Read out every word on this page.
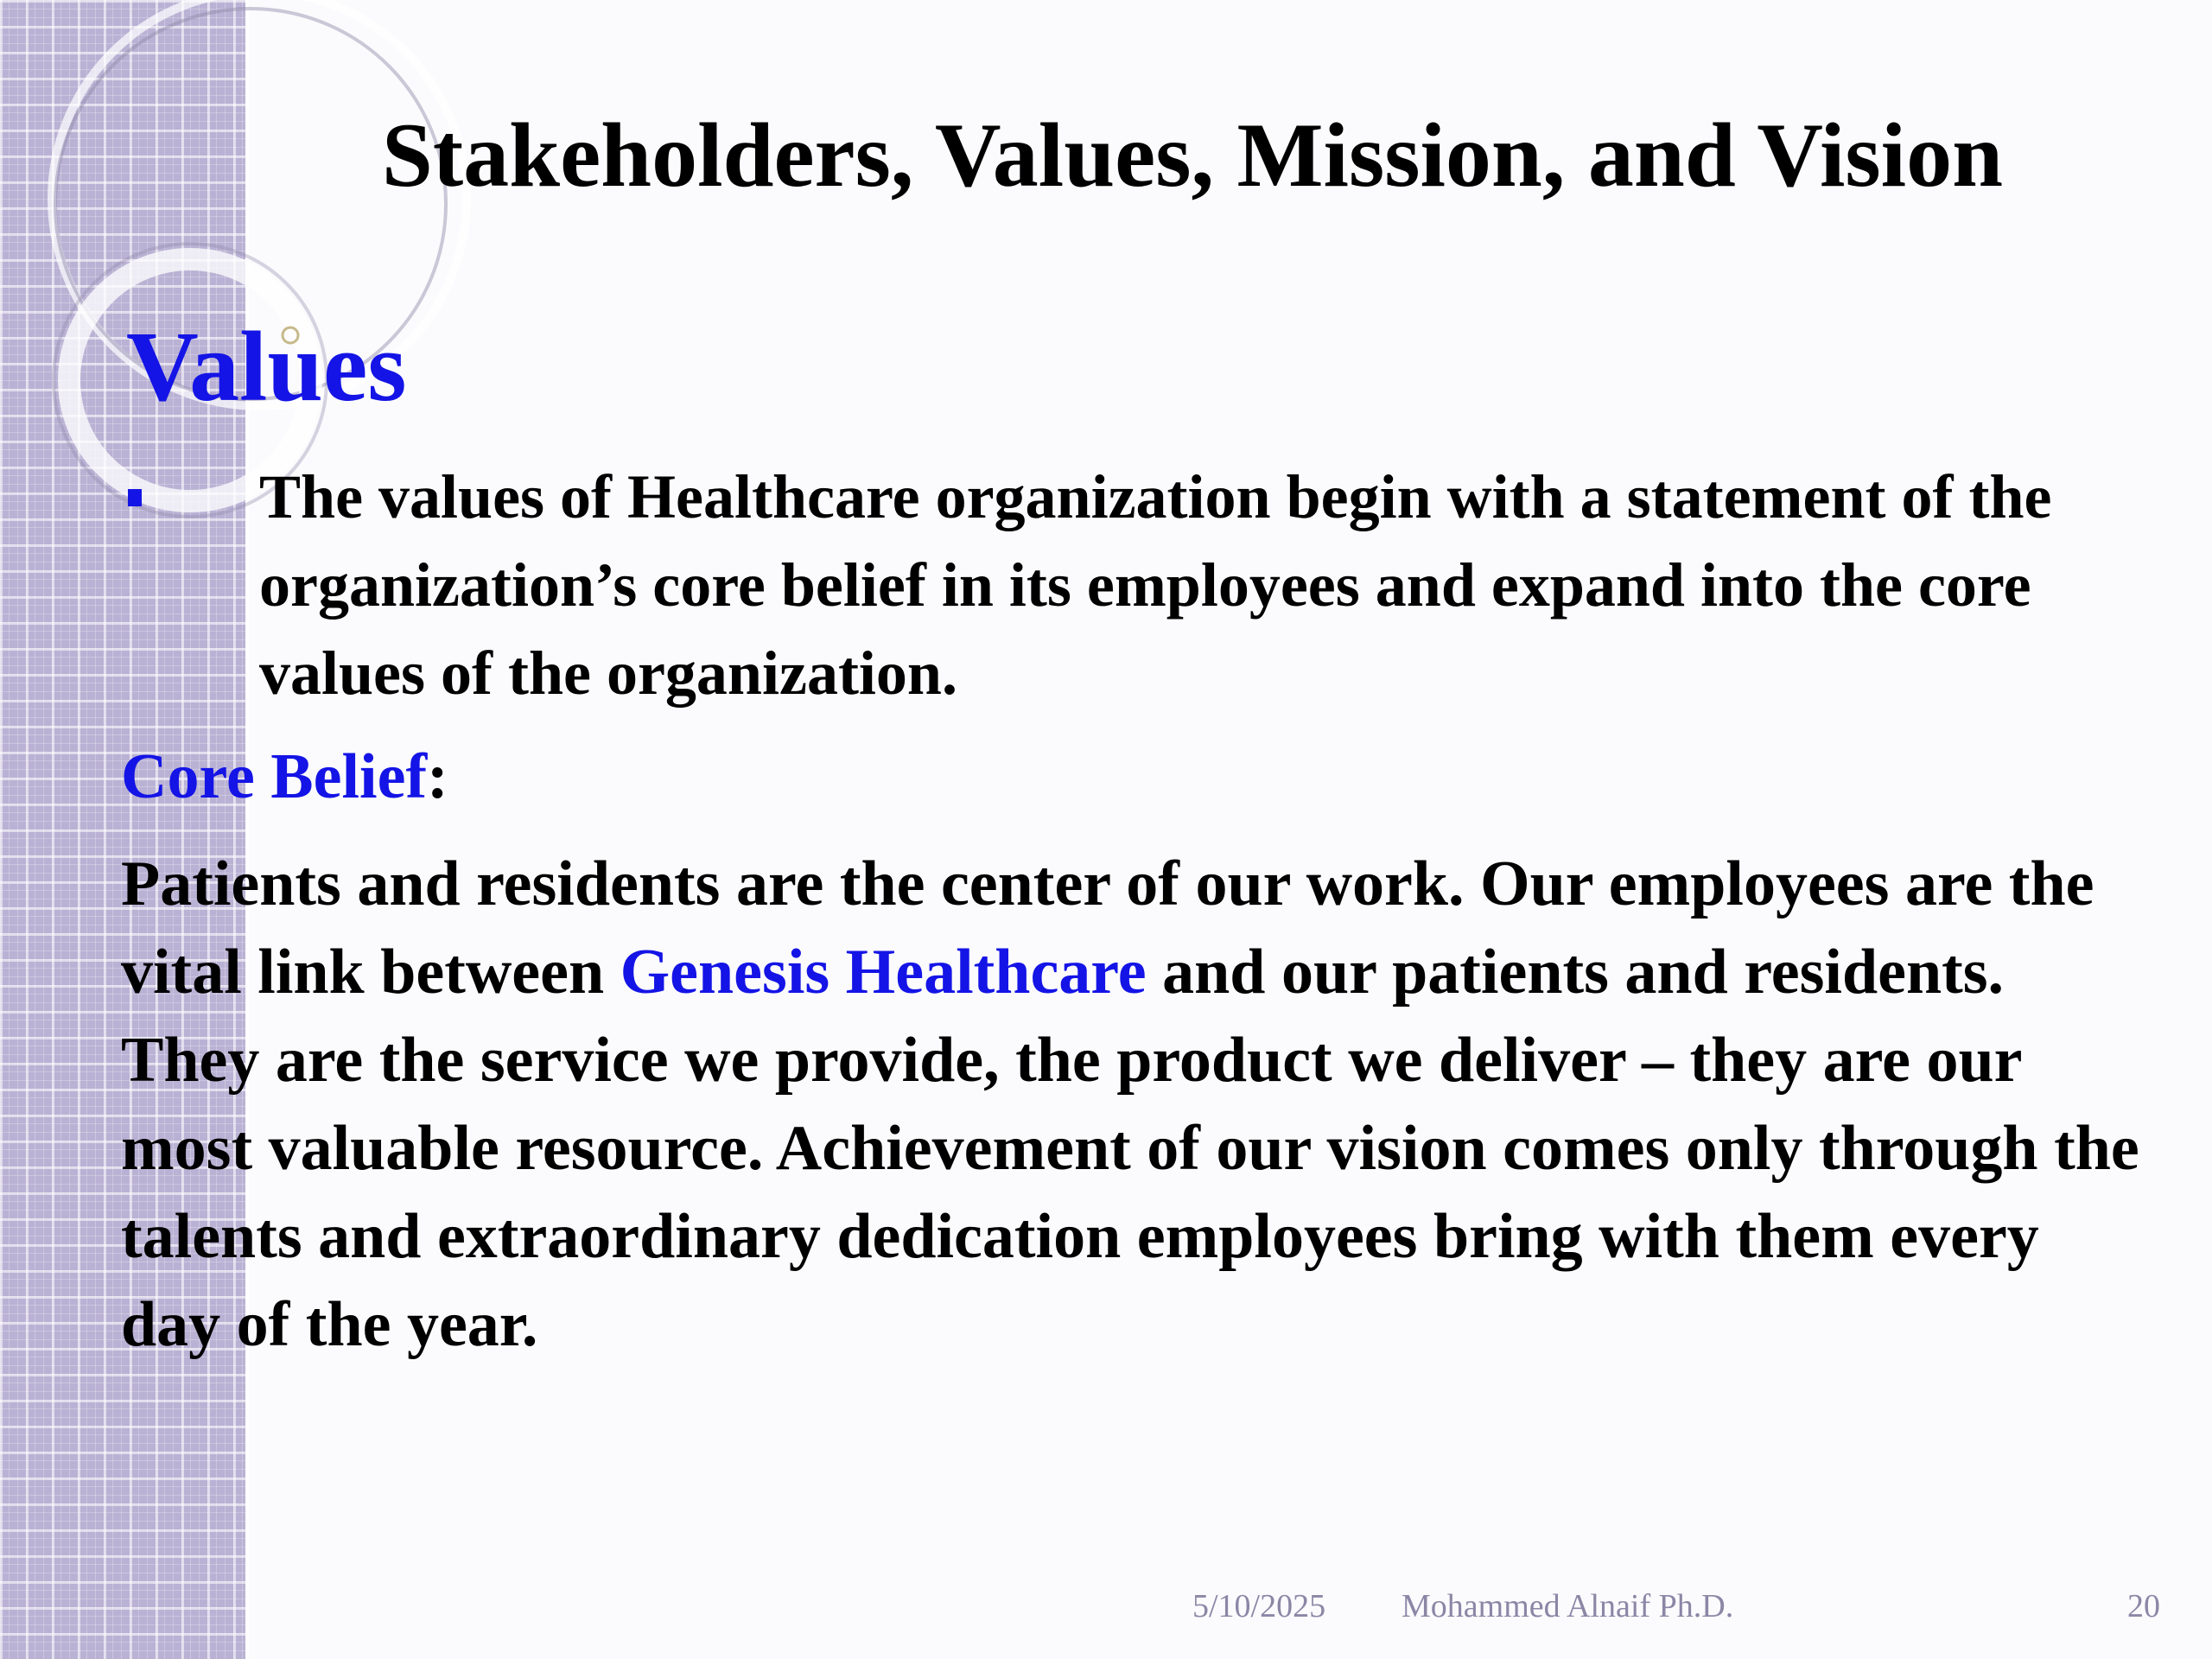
Stakeholders, Values, Mission, and Vision
Values
The values of Healthcare organization begin with a statement of the organization’s core belief in its employees and expand into the core values of the organization.
Core Belief:
Patients and residents are the center of our work. Our employees are the vital link between Genesis Healthcare and our patients and residents. They are the service we provide, the product we deliver – they are our most valuable resource. Achievement of our vision comes only through the talents and extraordinary dedication employees bring with them every day of the year.
5/10/2025 Mohammed Alnaif Ph.D.	20
